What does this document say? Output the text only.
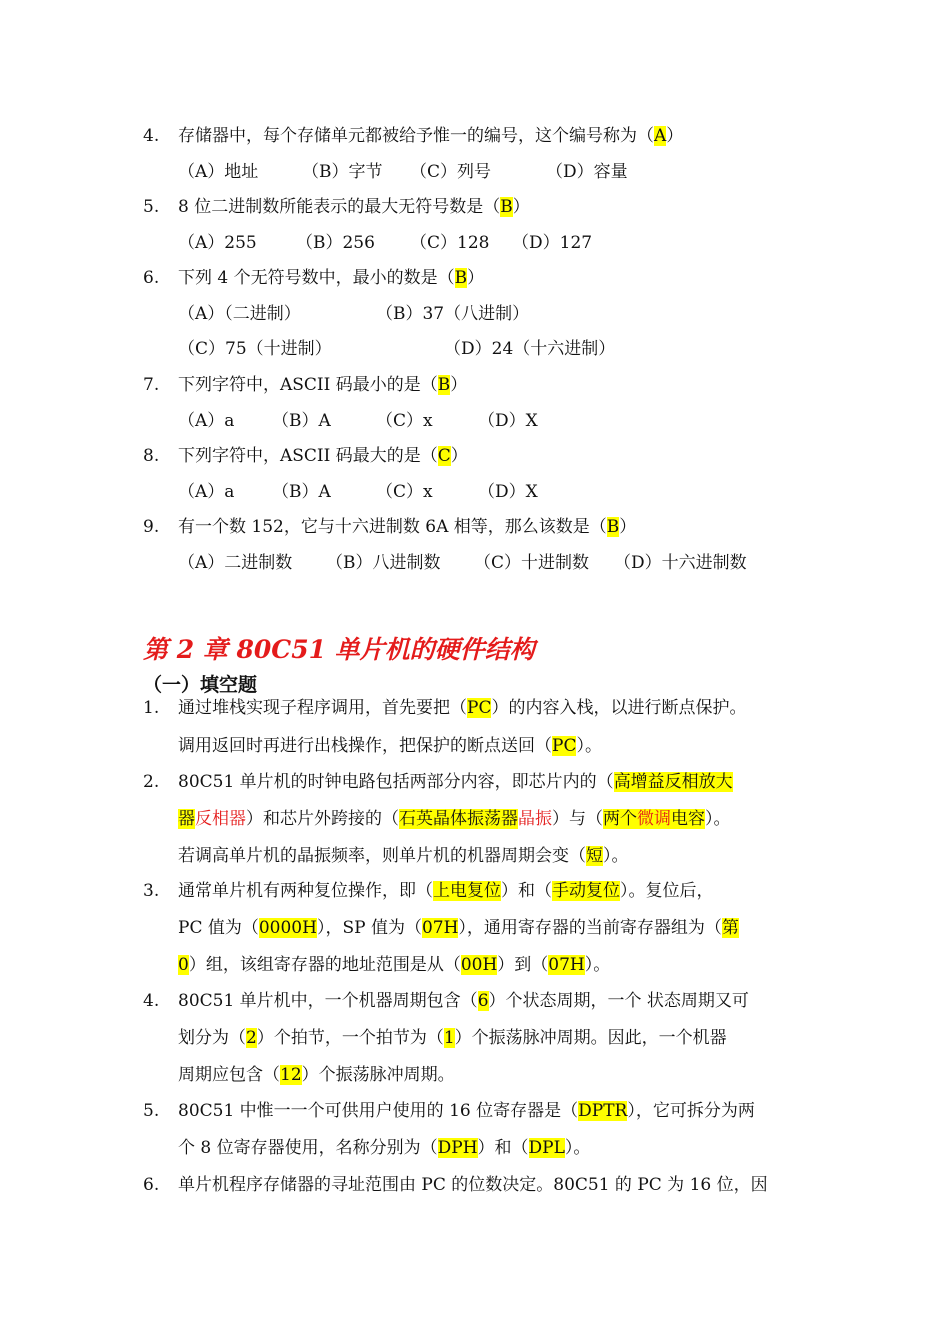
4. 存储器中，每个存储单元都被给予惟一的编号，这个编号称为（A）
（A）地址	（B）字节 （C）列号	（D）容量
5. 8 位二进制数所能表示的最大无符号数是（B）
（A）255 （B）256 （C）128 （D）127
6. 下列 4 个无符号数中，最小的数是（B）
（A）（二进制）	（B）37（八进制）
（C）75（十进制）	（D）24（十六进制）
7. 下列字符中，ASCII 码最小的是（B）
（A）a （B）A	（C）x	（D）X
8. 下列字符中，ASCII 码最大的是（C）
（A）a （B）A	（C）x	（D）X
9. 有一个数 152，它与十六进制数 6A 相等，那么该数是（B）
（A）二进制数 （B）八进制数 （C）十进制数 （D）十六进制数
第 2 章 80C51 单片机的硬件结构
（一）填空题
1. 通过堆栈实现子程序调用，首先要把（PC）的内容入栈，以进行断点保护。
调用返回时再进行出栈操作，把保护的断点送回（PC）。
2. 80C51 单片机的时钟电路包括两部分内容，即芯片内的（高增益反相放大
器反相器）和芯片外跨接的（石英晶体振荡器晶振）与（两个微调电容）。
若调高单片机的晶振频率，则单片机的机器周期会变（短）。
3. 通常单片机有两种复位操作，即（上电复位）和（手动复位）。复位后，
PC 值为（0000H），SP 值为（07H），通用寄存器的当前寄存器组为（第
0）组，该组寄存器的地址范围是从（00H）到（07H）。
4. 80C51 单片机中，一个机器周期包含（6）个状态周期，一个 状态周期又可
划分为（2）个拍节，一个拍节为（1）个振荡脉冲周期。因此，一个机器
周期应包含（12）个振荡脉冲周期。
5. 80C51 中惟一一个可供用户使用的 16 位寄存器是（DPTR），它可拆分为两
个 8 位寄存器使用，名称分别为（DPH）和（DPL）。
6. 单片机程序存储器的寻址范围由 PC 的位数决定。80C51 的 PC 为 16 位，因
